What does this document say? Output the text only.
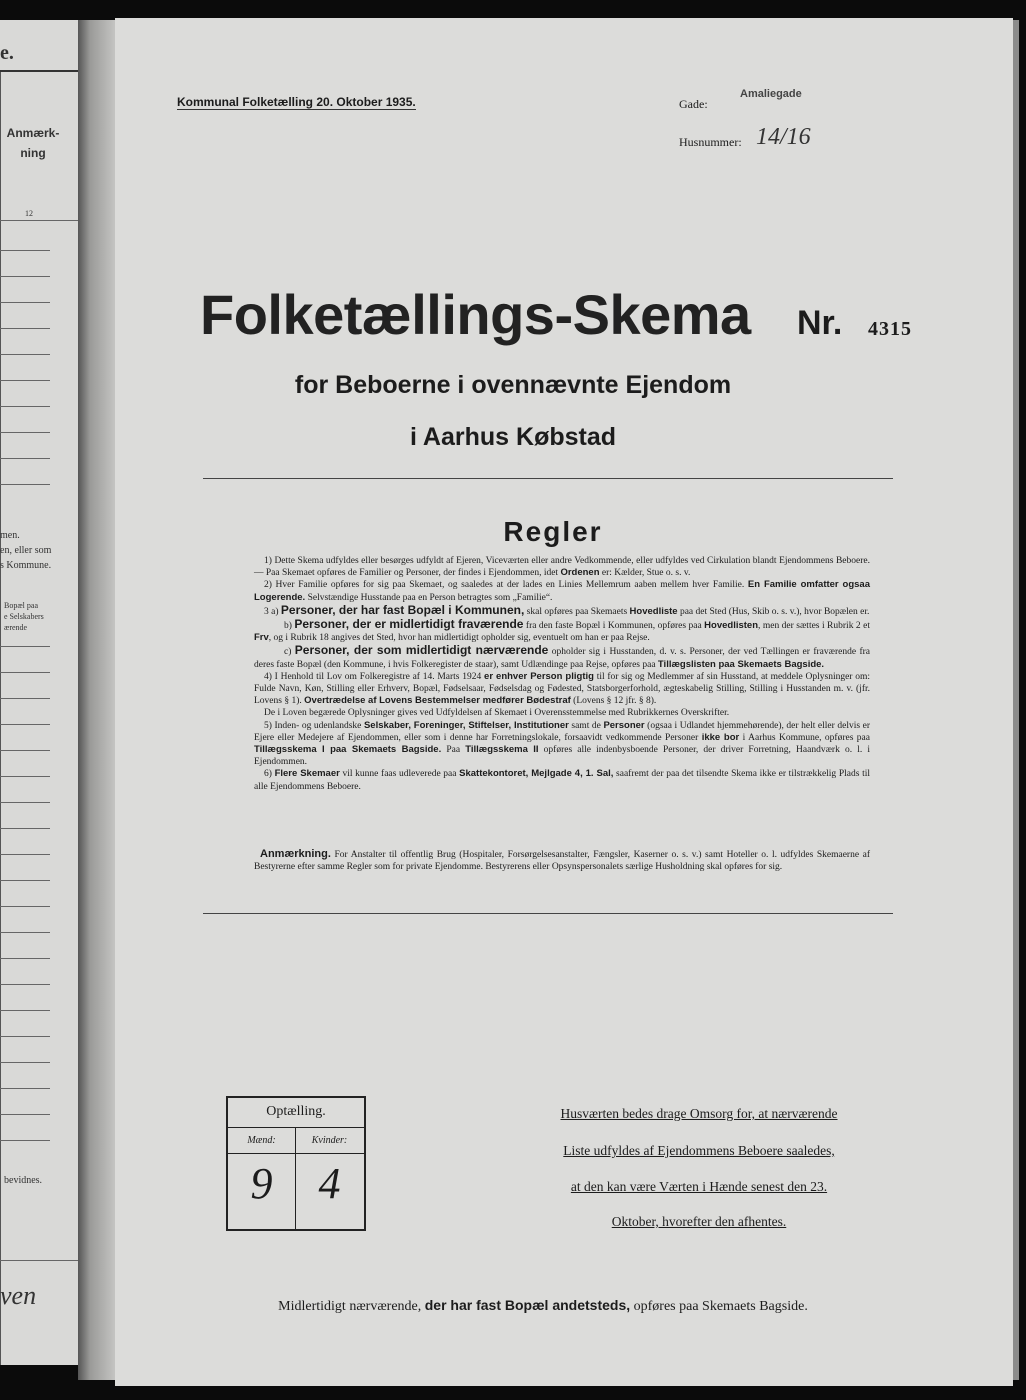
e.
Anmærk-
ning
12
men.
en, eller som
s Kommune.
Bopæl paa
e Selskabers
ærende
bevidnes.
ven
Kommunal Folketælling 20. Oktober 1935.	Gade:
Amaliegade
Husnummer: 14/16
Folketællings-Skema Nr. 4315
for Beboerne i ovennævnte Ejendom
i Aarhus Købstad
Regler

1) Dette Skema udfyldes eller besørges udfyldt af Ejeren, Viceværten eller andre Vedkommende, eller udfyldes ved Cirkulation blandt Ejendommens Beboere. — Paa Skemaet opføres de Familier og Personer, der findes i Ejendommen, idet Ordenen er: Kælder, Stue o. s. v.

2) Hver Familie opføres for sig paa Skemaet, og saaledes at der lades en Linies Mellemrum aaben mellem hver Familie. En Familie omfatter ogsaa Logerende. Selvstændige Husstande paa en Person betragtes som „Familie“.

3 a) Personer, der har fast Bopæl i Kommunen, skal opføres paa Skemaets Hovedliste paa det Sted (Hus, Skib o. s. v.), hvor Bopælen er.

b) Personer, der er midlertidigt fraværende fra den faste Bopæl i Kommunen, opføres paa Hovedlisten, men der sættes i Rubrik 2 et Frv, og i Rubrik 18 angives det Sted, hvor han midlertidigt opholder sig, eventuelt om han er paa Rejse.

c) Personer, der som midlertidigt nærværende opholder sig i Husstanden, d. v. s. Personer, der ved Tællingen er fraværende fra deres faste Bopæl (den Kommune, i hvis Folkeregister de staar), samt Udlændinge paa Rejse, opføres paa Tillægslisten paa Skemaets Bagside.

4) I Henhold til Lov om Folkeregistre af 14. Marts 1924 er enhver Person pligtig til for sig og Medlemmer af sin Husstand, at meddele Oplysninger om: Fulde Navn, Køn, Stilling eller Erhverv, Bopæl, Fødselsaar, Fødselsdag og Fødested, Statsborgerforhold, ægteskabelig Stilling, Stilling i Husstanden m. v. (jfr. Lovens § 1). Overtrædelse af Lovens Bestemmelser medfører Bødestraf (Lovens § 12 jfr. § 8).

De i Loven begærede Oplysninger gives ved Udfyldelsen af Skemaet i Overensstemmelse med Rubrikkernes Overskrifter.

5) Inden- og udenlandske Selskaber, Foreninger, Stiftelser, Institutioner samt de Personer (ogsaa i Udlandet hjemmehørende), der helt eller delvis er Ejere eller Medejere af Ejendommen, eller som i denne har Forretningslokale, forsaavidt vedkommende Personer ikke bor i Aarhus Kommune, opføres paa Tillægsskema I paa Skemaets Bagside. Paa Tillægsskema II opføres alle indenbysboende Personer, der driver Forretning, Haandværk o. l. i Ejendommen.

6) Flere Skemaer vil kunne faas udleverede paa Skattekontoret, Mejlgade 4, 1. Sal, saafremt der paa det tilsendte Skema ikke er tilstrækkelig Plads til alle Ejendommens Beboere.

Anmærkning. For Anstalter til offentlig Brug (Hospitaler, Forsørgelsesanstalter, Fængsler, Kaserner o. s. v.) samt Hoteller o. l. udfyldes Skemaerne af Bestyrerne efter samme Regler som for private Ejendomme. Bestyrerens eller Opsynspersonalets særlige Husholdning skal opføres for sig.

Optælling.
Mænd:	Kvinder:
9	4
Husværten bedes drage Omsorg for, at nærværende
Liste udfyldes af Ejendommens Beboere saaledes,
at den kan være Værten i Hænde senest den 23.
Oktober, hvorefter den afhentes.
Midlertidigt nærværende, der har fast Bopæl andetsteds, opføres paa Skemaets Bagside.
